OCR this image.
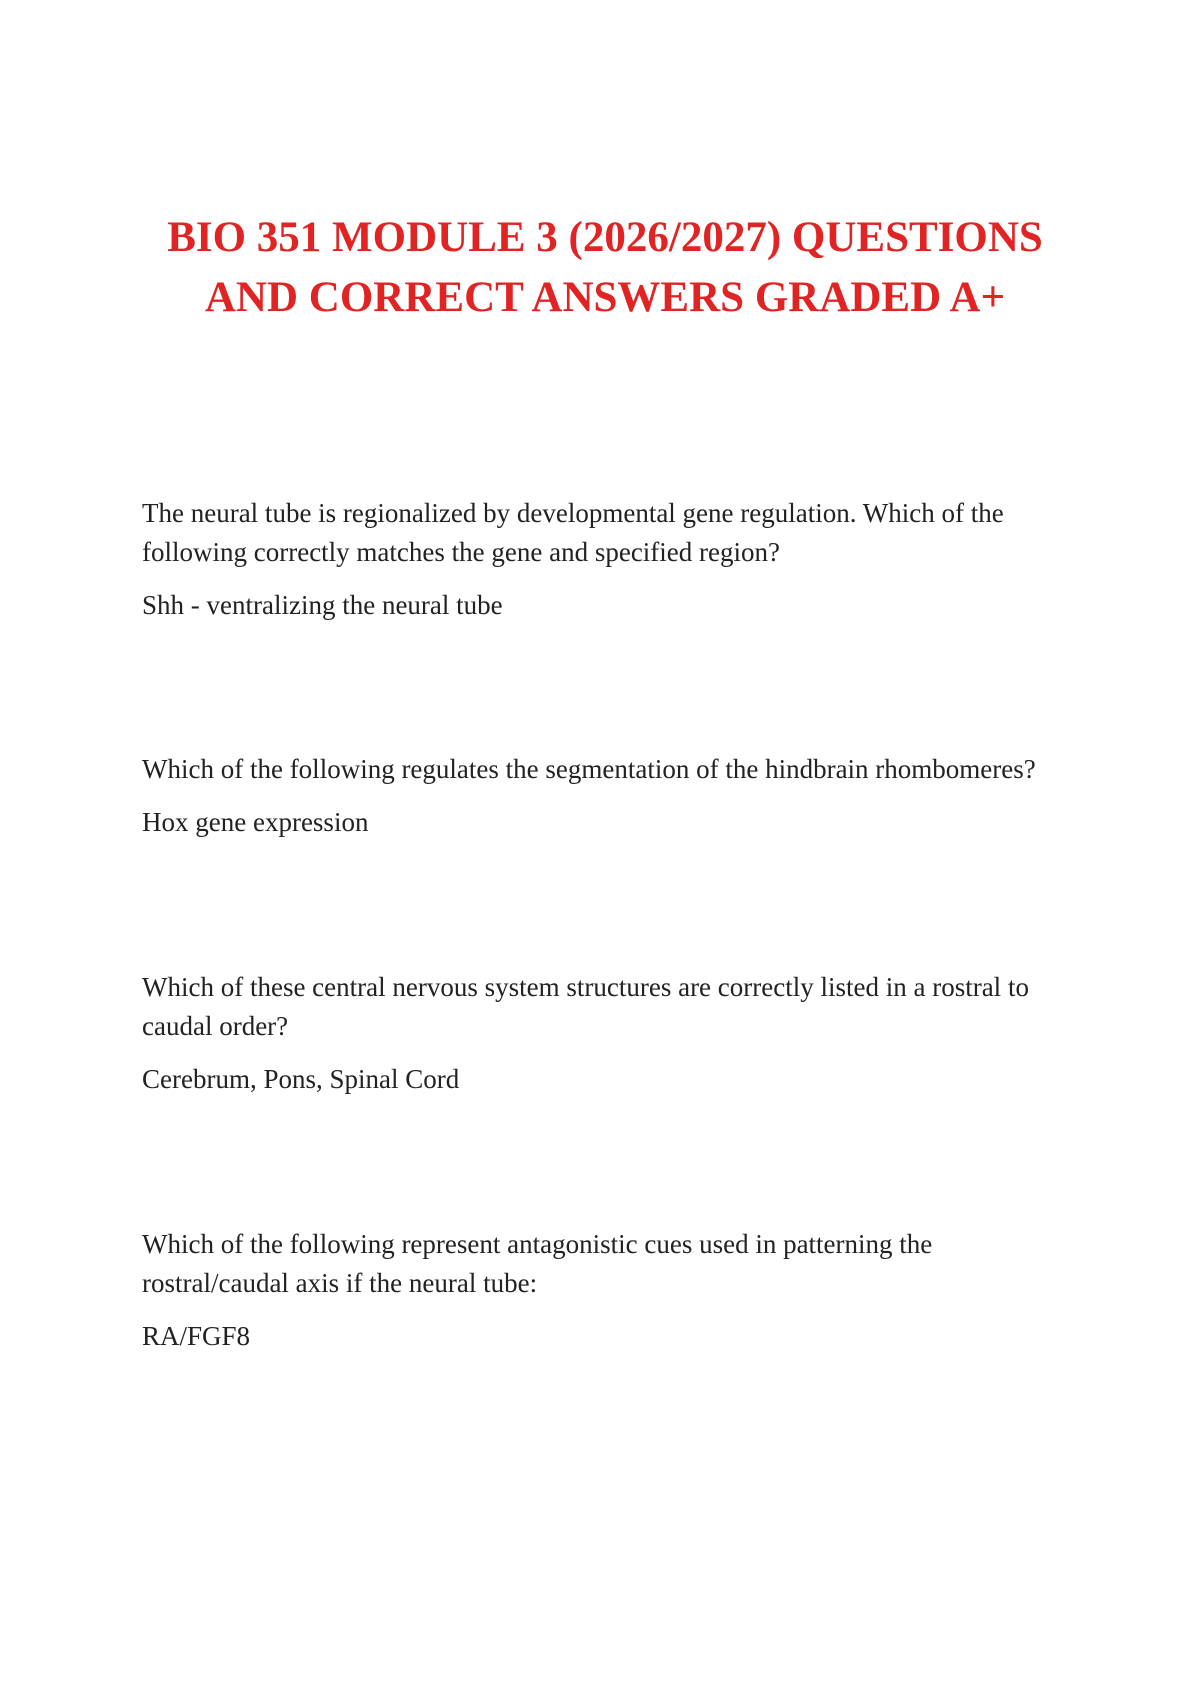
BIO 351 MODULE 3 (2026/2027) QUESTIONS
AND CORRECT ANSWERS GRADED A+

The neural tube is regionalized by developmental gene regulation. Which of the following correctly matches the gene and specified region?

Shh - ventralizing the neural tube

Which of the following regulates the segmentation of the hindbrain rhombomeres?

Hox gene expression

Which of these central nervous system structures are correctly listed in a rostral to caudal order?

Cerebrum, Pons, Spinal Cord

Which of the following represent antagonistic cues used in patterning the rostral/caudal axis if the neural tube:

RA/FGF8
